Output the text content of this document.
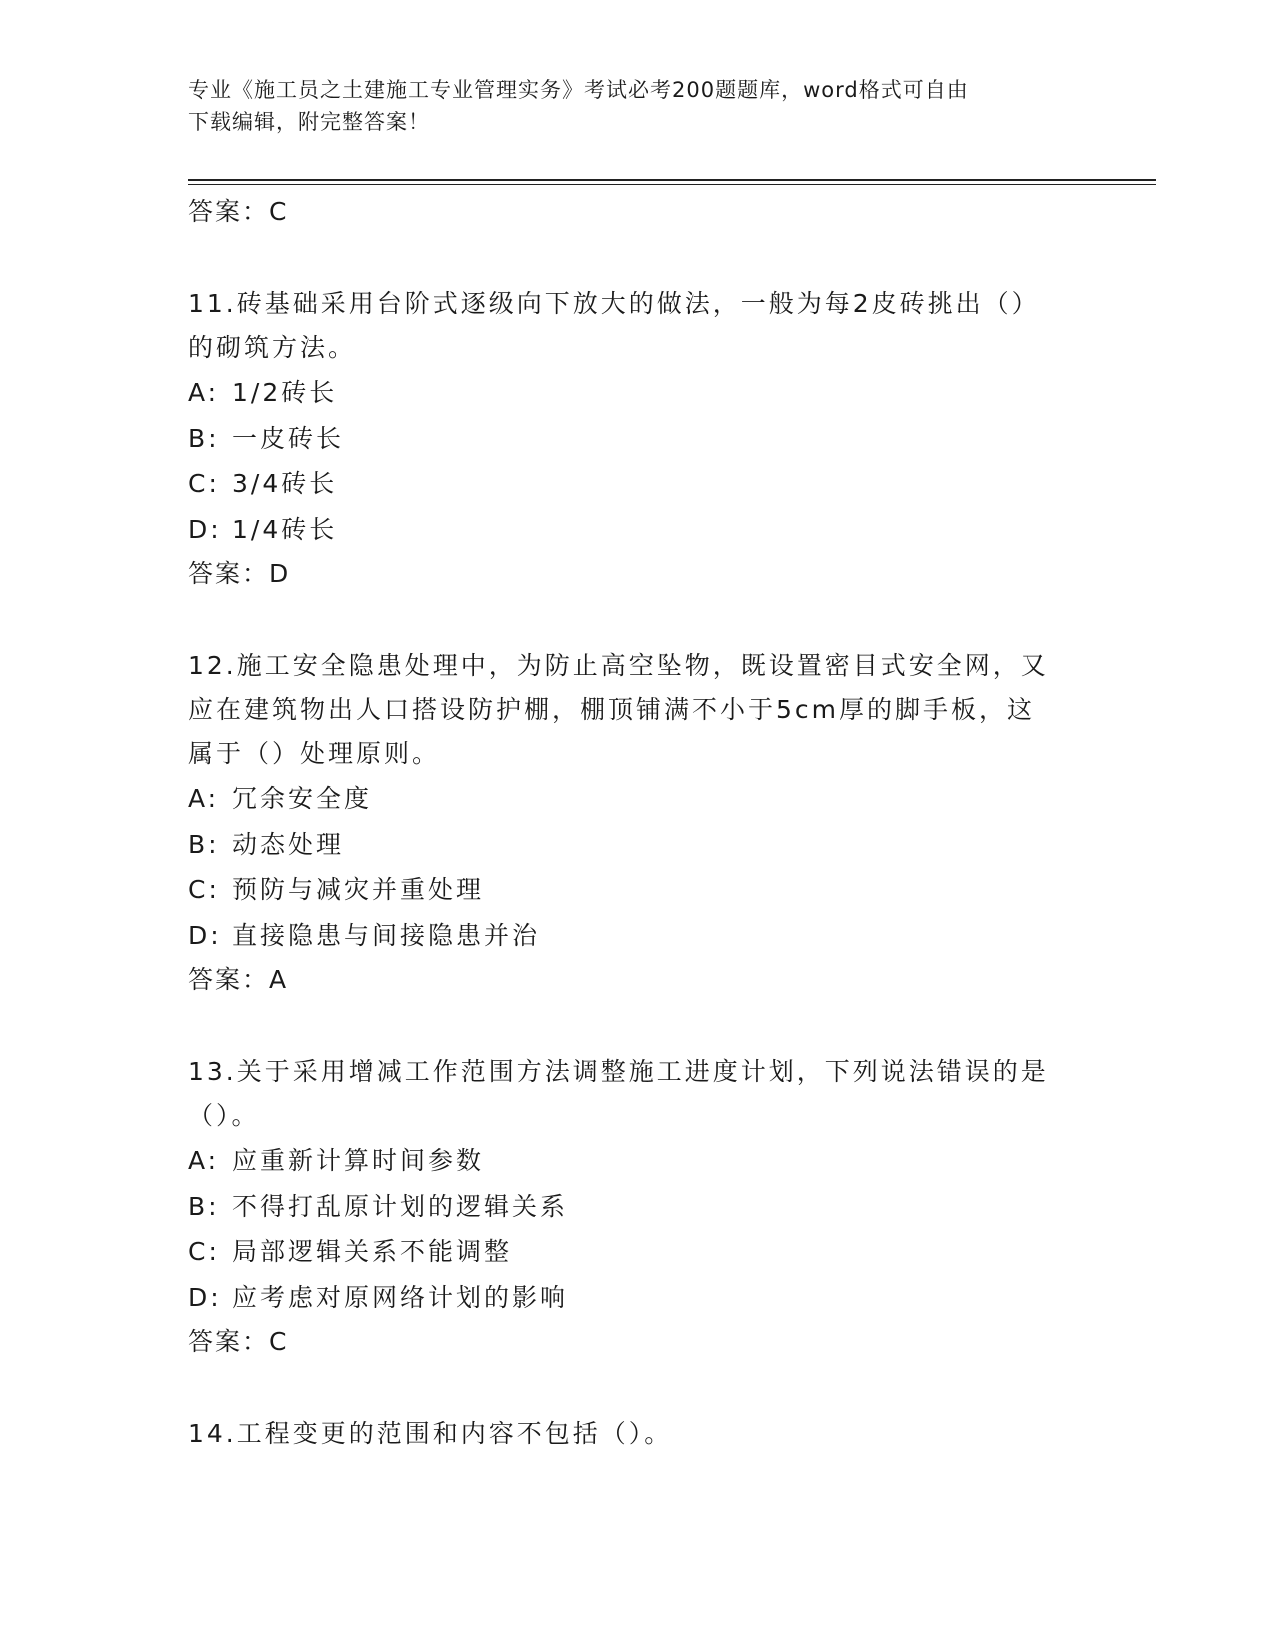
专业《施工员之土建施工专业管理实务》考试必考200题题库，word格式可自由
下载编辑，附完整答案！
答案：C
11.砖基础采用台阶式逐级向下放大的做法，一般为每2皮砖挑出（）
的砌筑方法。
A: 1/2砖长
B: 一皮砖长
C: 3/4砖长
D: 1/4砖长
答案：D
12.施工安全隐患处理中，为防止高空坠物，既设置密目式安全网，又
应在建筑物出人口搭设防护棚，棚顶铺满不小于5cm厚的脚手板，这
属于（）处理原则。
A: 冗余安全度
B: 动态处理
C: 预防与减灾并重处理
D: 直接隐患与间接隐患并治
答案：A
13.关于采用增减工作范围方法调整施工进度计划，下列说法错误的是
（）。
A: 应重新计算时间参数
B: 不得打乱原计划的逻辑关系
C: 局部逻辑关系不能调整
D: 应考虑对原网络计划的影响
答案：C
14.工程变更的范围和内容不包括（）。
